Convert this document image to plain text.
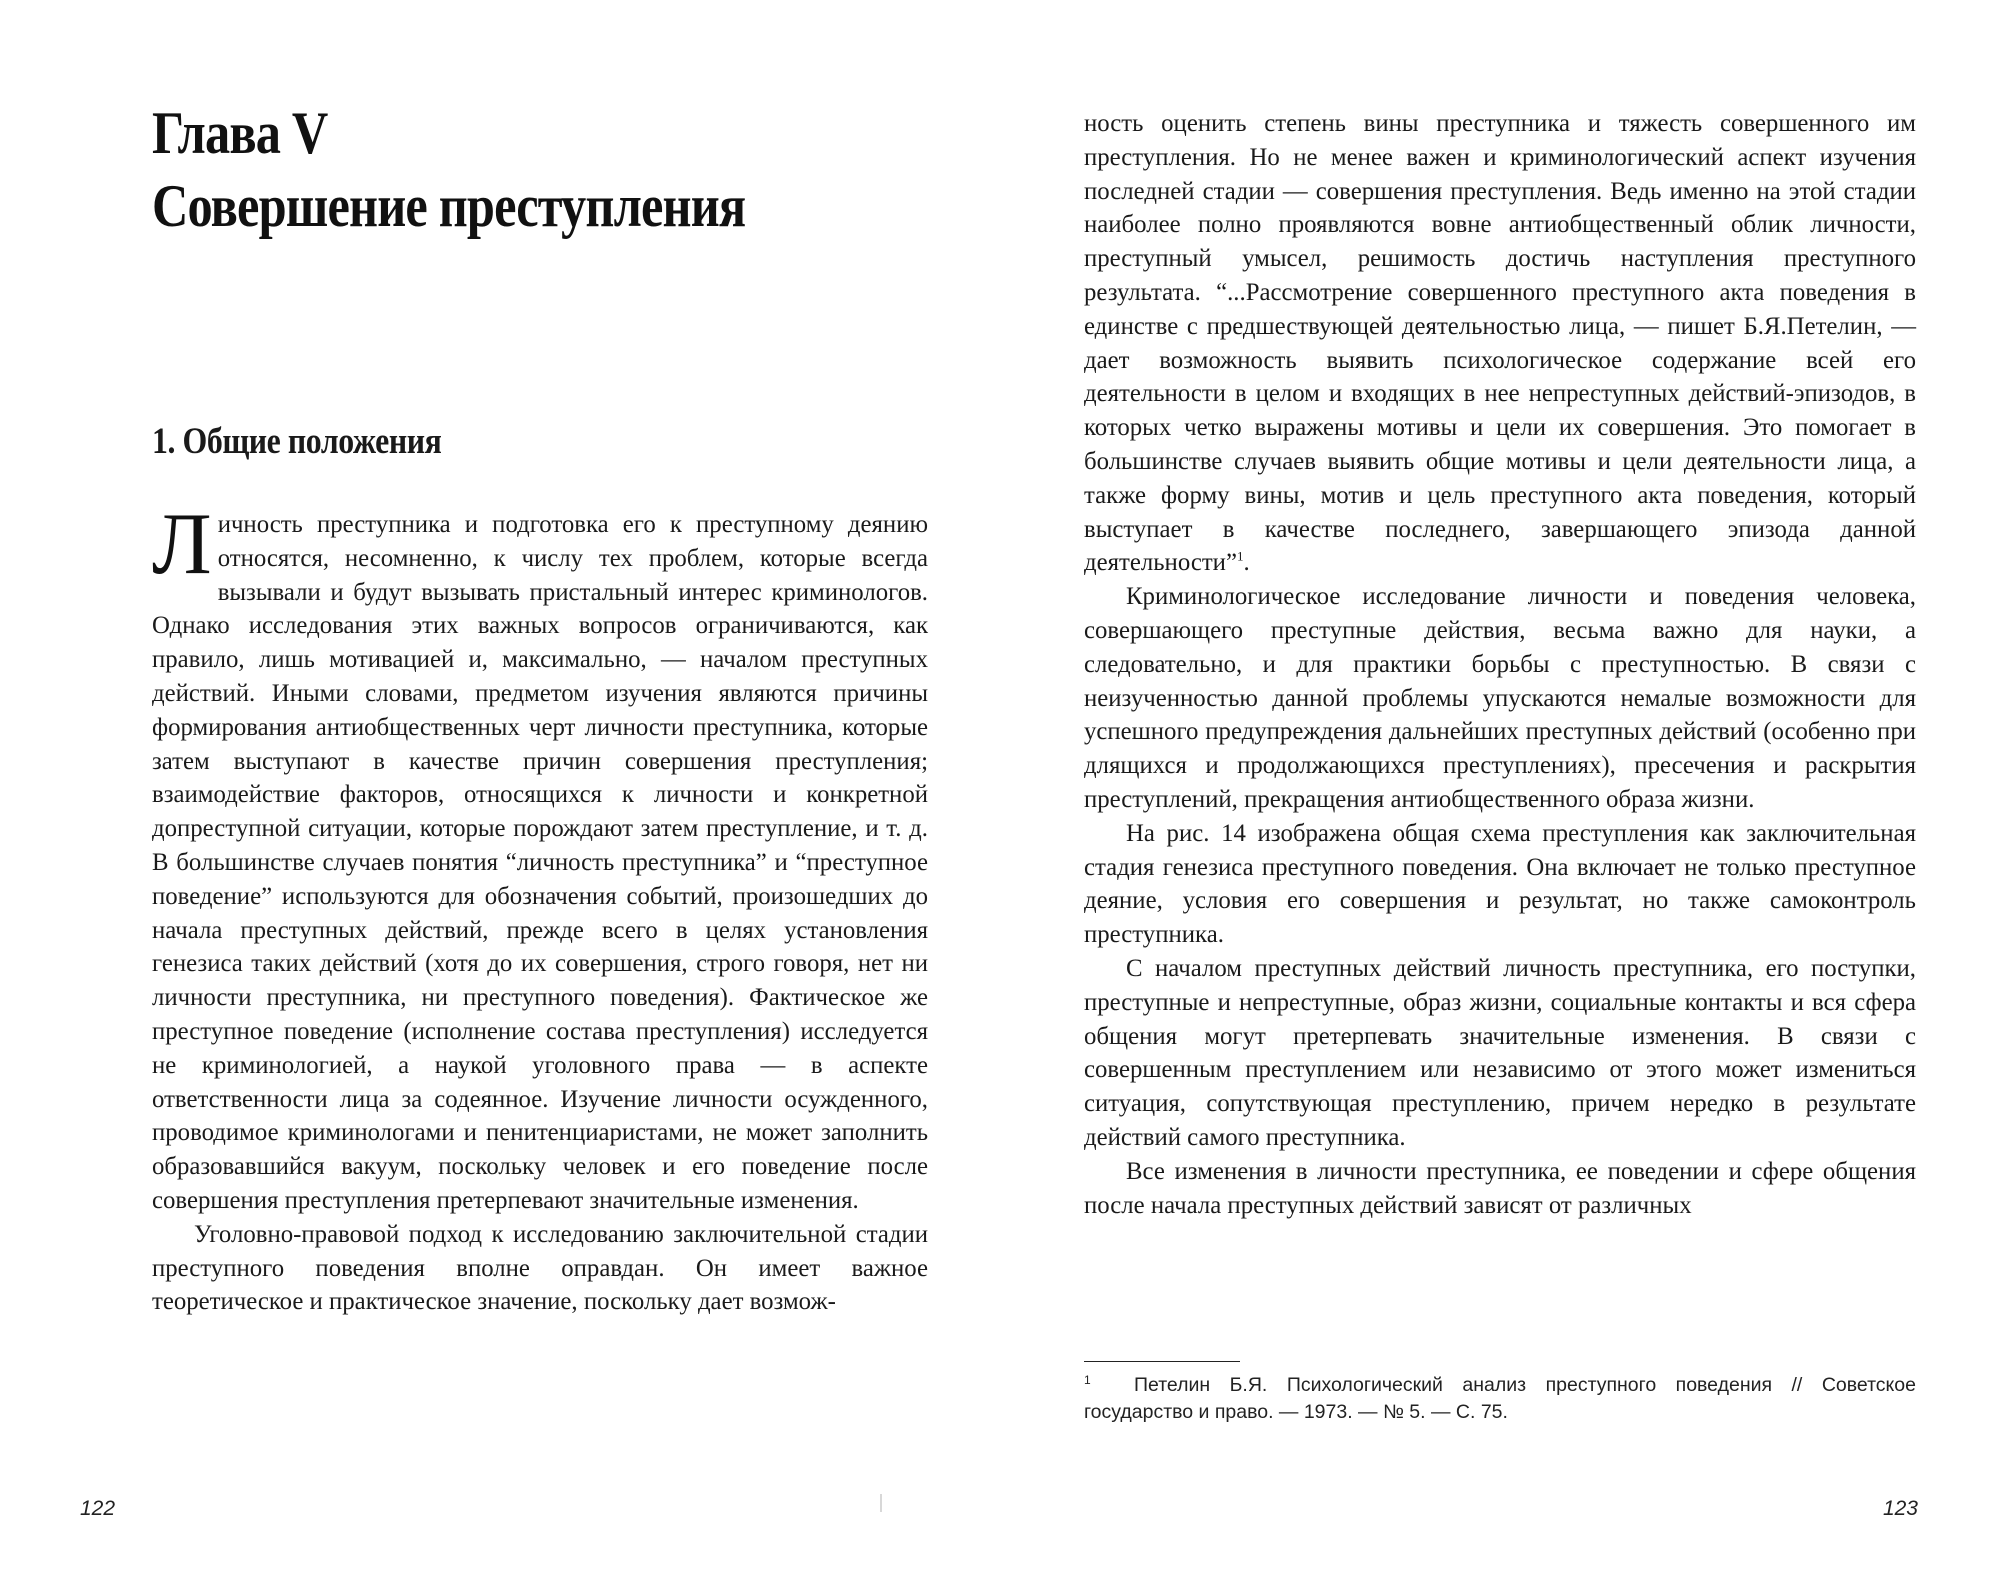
Глава V
Совершение преступления
1. Общие положения

Личность преступника и подготовка его к преступному деянию относятся, несомненно, к числу тех проблем, которые всегда вызывали и будут вызывать пристальный интерес криминологов. Однако исследования этих важных вопросов ограничиваются, как правило, лишь мотивацией и, максимально, — началом преступных действий. Иными словами, предметом изучения являются причины формирования антиобщественных черт личности преступника, которые затем выступают в качестве причин совершения преступления; взаимодействие факторов, относящихся к личности и конкретной допреступной ситуации, которые порождают затем преступление, и т. д. В большинстве случаев понятия “личность преступника” и “преступное поведение” используются для обозначения событий, произошедших до начала преступных действий, прежде всего в целях установления генезиса таких действий (хотя до их совершения, строго говоря, нет ни личности преступника, ни преступного поведения). Фактическое же преступное поведение (исполнение состава преступления) исследуется не криминологией, а наукой уголовного права — в аспекте ответственности лица за содеянное. Изучение личности осужденного, проводимое криминологами и пенитенциаристами, не может заполнить образовавшийся вакуум, поскольку человек и его поведение после совершения преступления претерпевают значительные изменения.

Уголовно-правовой подход к исследованию заключительной стадии преступного поведения вполне оправдан. Он имеет важное теоретическое и практическое значение, поскольку дает возмож-

122

ность оценить степень вины преступника и тяжесть совершенного им преступления. Но не менее важен и криминологический аспект изучения последней стадии — совершения преступления. Ведь именно на этой стадии наиболее полно проявляются вовне антиобщественный облик личности, преступный умысел, решимость достичь наступления преступного результата. “...Рассмотрение совершенного преступного акта поведения в единстве с предшествующей деятельностью лица, — пишет Б.Я.Петелин, — дает возможность выявить психологическое содержание всей его деятельности в целом и входящих в нее непреступных действий-эпизодов, в которых четко выражены мотивы и цели их совершения. Это помогает в большинстве случаев выявить общие мотивы и цели деятельности лица, а также форму вины, мотив и цель преступного акта поведения, который выступает в качестве последнего, завершающего эпизода данной деятельности”$^1$.

Криминологическое исследование личности и поведения человека, совершающего преступные действия, весьма важно для науки, а следовательно, и для практики борьбы с преступностью. В связи с неизученностью данной проблемы упускаются немалые возможности для успешного предупреждения дальнейших преступных действий (особенно при длящихся и продолжающихся преступлениях), пресечения и раскрытия преступлений, прекращения антиобщественного образа жизни.

На рис. 14 изображена общая схема преступления как заключительная стадия генезиса преступного поведения. Она включает не только преступное деяние, условия его совершения и результат, но также самоконтроль преступника.

С началом преступных действий личность преступника, его поступки, преступные и непреступные, образ жизни, социальные контакты и вся сфера общения могут претерпевать значительные изменения. В связи с совершенным преступлением или независимо от этого может измениться ситуация, сопутствующая преступлению, причем нередко в результате действий самого преступника.

Все изменения в личности преступника, ее поведении и сфере общения после начала преступных действий зависят от различных

1 Петелин Б.Я. Психологический анализ преступного поведения // Советское государство и право. — 1973. — № 5. — С. 75.
123
